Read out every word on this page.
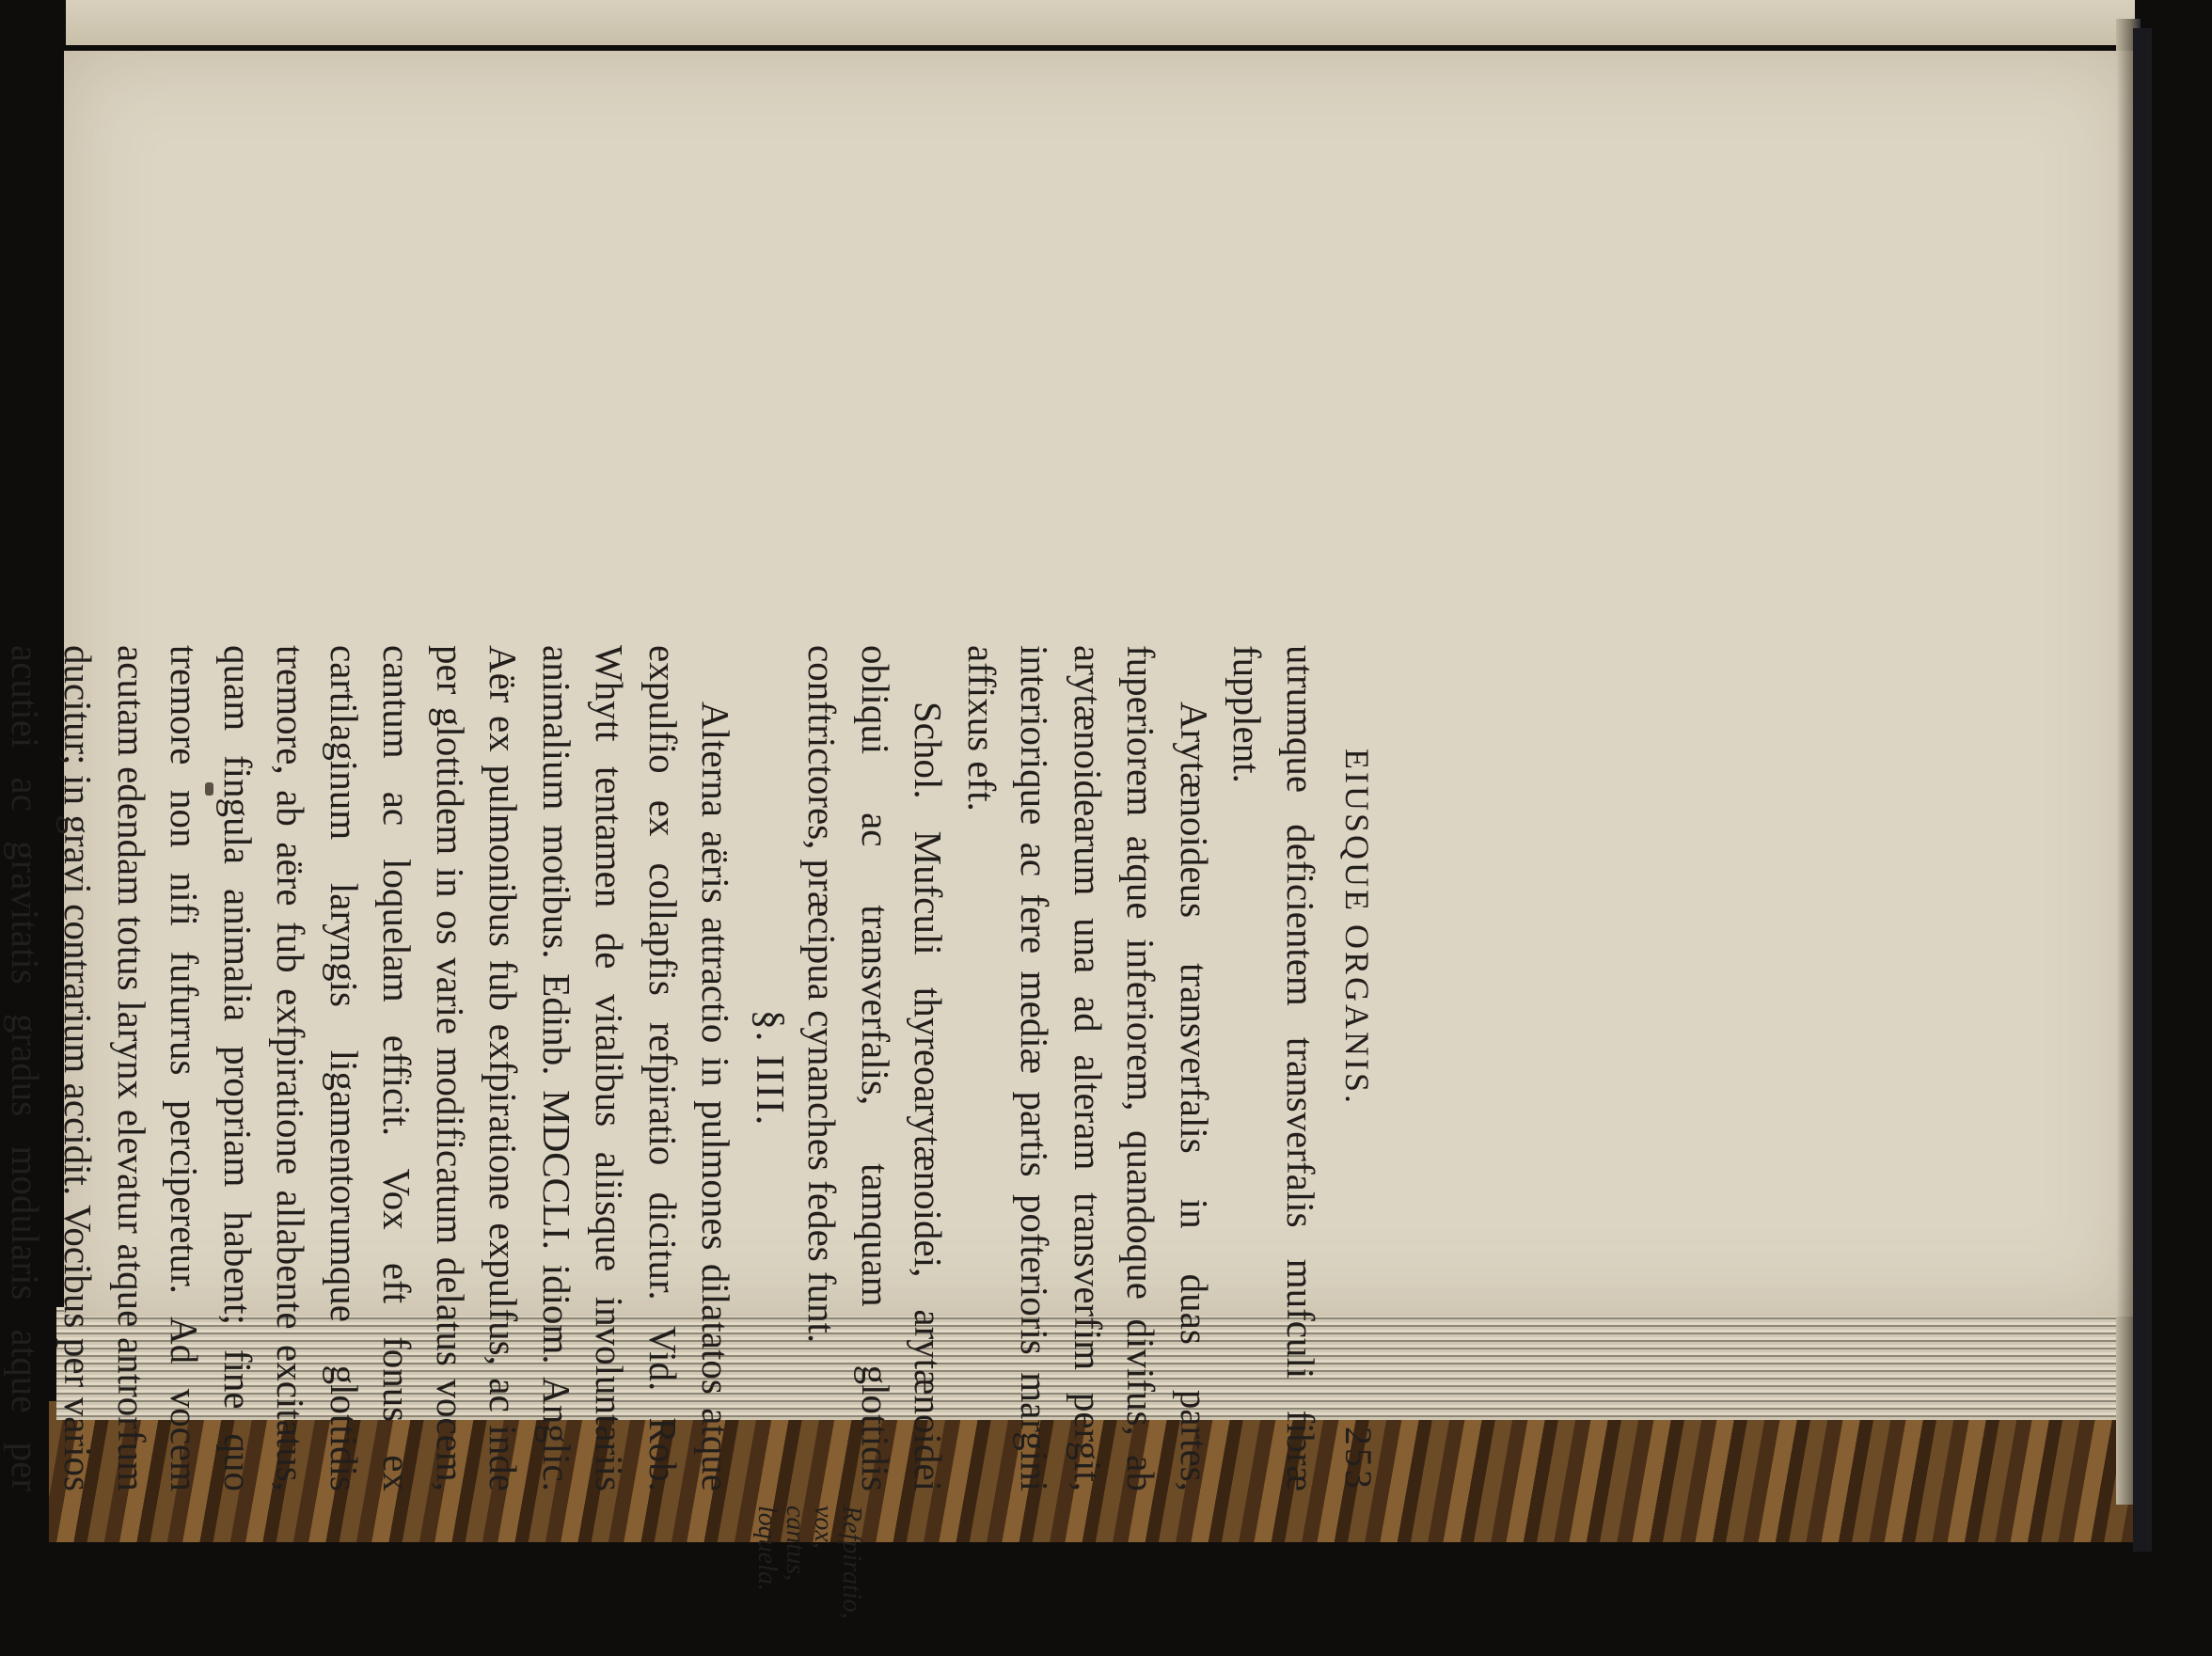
EIUSQUE ORGANIS.
253

utrumque deficientem transverfalis mufculi fibræ fupplent.

Arytænoideus transverfalis in duas partes, fuperiorem atque inferiorem, quandoque divifus, ab arytænoidearum una ad alteram transverfim pergit, interiorique ac fere mediæ partis pofterioris margini affixus eft.

Schol. Mufculi thyreoarytænoidei, arytænoidei obliqui ac transverfalis, tamquam glottidis conftrictores, præcipua cynanches fedes funt.

§. IIII.

Alterna aëris attractio in pulmones dilatatos atque expulfio ex collapfis refpiratio dicitur. Vid. Rob. Whytt tentamen de vitalibus aliisque involuntariis animalium motibus. Edinb. MDCCLI. idiom. Anglic. Aër ex pulmonibus fub exfpiratione expulfus, ac inde per glottidem in os varie modificatum delatus vocem, cantum ac loquelam efficit. Vox eft fonus ex cartilaginum laryngis ligamentorumque glottidis tremore, ab aëre fub exfpiratione allabente excitatus, quam fingula animalia propriam habent; fine quo tremore non nifi fufurrus perciperetur. Ad vocem acutam edendam totus larynx elevatur atque antrorfum ducitur; in gravi contrarium accidit. Vocibus per varios acutiei ac gravitatis gradus modularis atque per

Refpiratio, vox,
cantus,
loquela.
